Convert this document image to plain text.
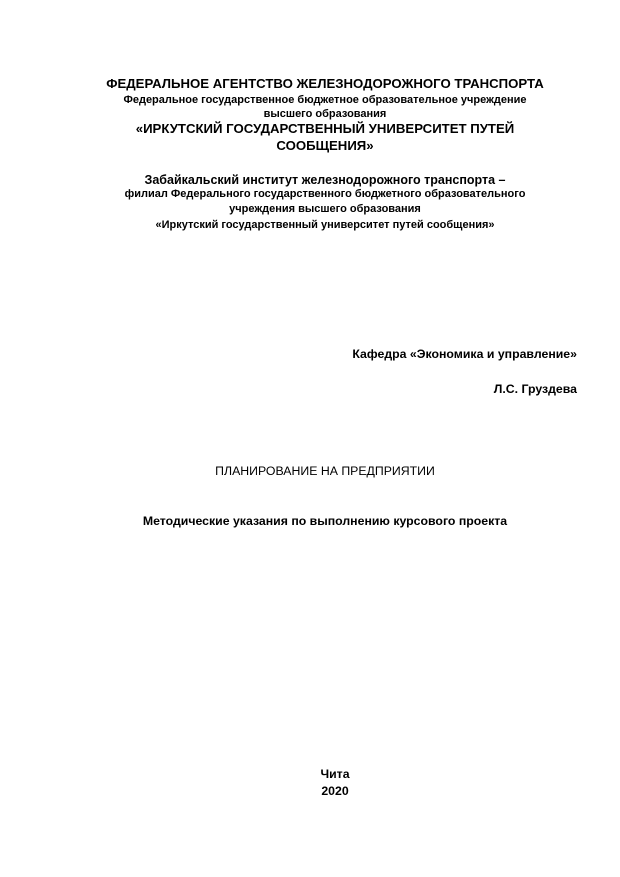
ФЕДЕРАЛЬНОЕ АГЕНТСТВО ЖЕЛЕЗНОДОРОЖНОГО ТРАНСПОРТА
Федеральное государственное бюджетное образовательное учреждение
высшего образования
«ИРКУТСКИЙ ГОСУДАРСТВЕННЫЙ УНИВЕРСИТЕТ ПУТЕЙ
СООБЩЕНИЯ»
Забайкальский институт железнодорожного транспорта –
филиал Федерального государственного бюджетного образовательного
учреждения высшего образования
«Иркутский государственный университет путей сообщения»
Кафедра «Экономика и управление»
Л.С. Груздева
ПЛАНИРОВАНИЕ НА ПРЕДПРИЯТИИ
Методические указания по выполнению курсового проекта
Чита
2020
